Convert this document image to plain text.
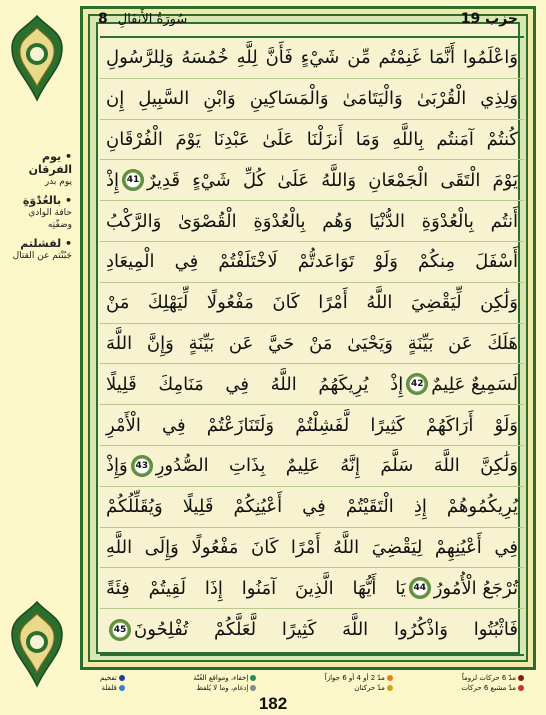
• يوم الفرقان
يوم بدر
• بالعُدْوَةِ
حافة الوادي وضفّتِه
• لفشلتم
جَبُنْتم عن القتال
حزب 19
8 سُورَةُ الأَنفَالِ
وَاعْلَمُوا أَنَّمَا غَنِمْتُم مِّن شَيْءٍ فَأَنَّ لِلَّهِ خُمُسَهُ وَلِلرَّسُولِ
وَلِذِي الْقُرْبَىٰ وَالْيَتَامَىٰ وَالْمَسَاكِينِ وَابْنِ السَّبِيلِ إِن
كُنتُمْ آمَنتُم بِاللَّهِ وَمَا أَنزَلْنَا عَلَىٰ عَبْدِنَا يَوْمَ الْفُرْقَانِ
يَوْمَ الْتَقَى الْجَمْعَانِ وَاللَّهُ عَلَىٰ كُلِّ شَيْءٍ قَدِيرٌ
41
إِذْ
أَنتُم بِالْعُدْوَةِ الدُّنْيَا وَهُم بِالْعُدْوَةِ الْقُصْوَىٰ وَالرَّكْبُ
أَسْفَلَ مِنكُمْ وَلَوْ تَوَاعَدتُّمْ لَاخْتَلَفْتُمْ فِي الْمِيعَادِ
وَلَٰكِن لِّيَقْضِيَ اللَّهُ أَمْرًا كَانَ مَفْعُولًا لِّيَهْلِكَ مَنْ
هَلَكَ عَن بَيِّنَةٍ وَيَحْيَىٰ مَنْ حَيَّ عَن بَيِّنَةٍ وَإِنَّ اللَّهَ
لَسَمِيعٌ عَلِيمٌ
42
إِذْ يُرِيكَهُمُ اللَّهُ فِي مَنَامِكَ قَلِيلًا
وَلَوْ أَرَاكَهُمْ كَثِيرًا لَّفَشِلْتُمْ وَلَتَنَازَعْتُمْ فِي الْأَمْرِ
وَلَٰكِنَّ اللَّهَ سَلَّمَ إِنَّهُ عَلِيمٌ بِذَاتِ الصُّدُورِ
43
وَإِذْ
يُرِيكُمُوهُمْ إِذِ الْتَقَيْتُمْ فِي أَعْيُنِكُمْ قَلِيلًا وَيُقَلِّلُكُمْ
فِي أَعْيُنِهِمْ لِيَقْضِيَ اللَّهُ أَمْرًا كَانَ مَفْعُولًا وَإِلَى اللَّهِ
تُرْجَعُ الْأُمُورُ
44
يَا أَيُّهَا الَّذِينَ آمَنُوا إِذَا لَقِيتُمْ فِئَةً
فَاثْبُتُوا وَاذْكُرُوا اللَّهَ كَثِيرًا لَّعَلَّكُمْ تُفْلِحُونَ
45
مدّ 6 حركات لزوماً
مدّ مشبع 6 حركات
مدّ 2 أو 4 أو 6 جوازاً
مدّ حركتان
إخفاء، ومواقع الغُنّة
إدغام، وما لا يُلفظ
تفخيم
قلقلة
182
